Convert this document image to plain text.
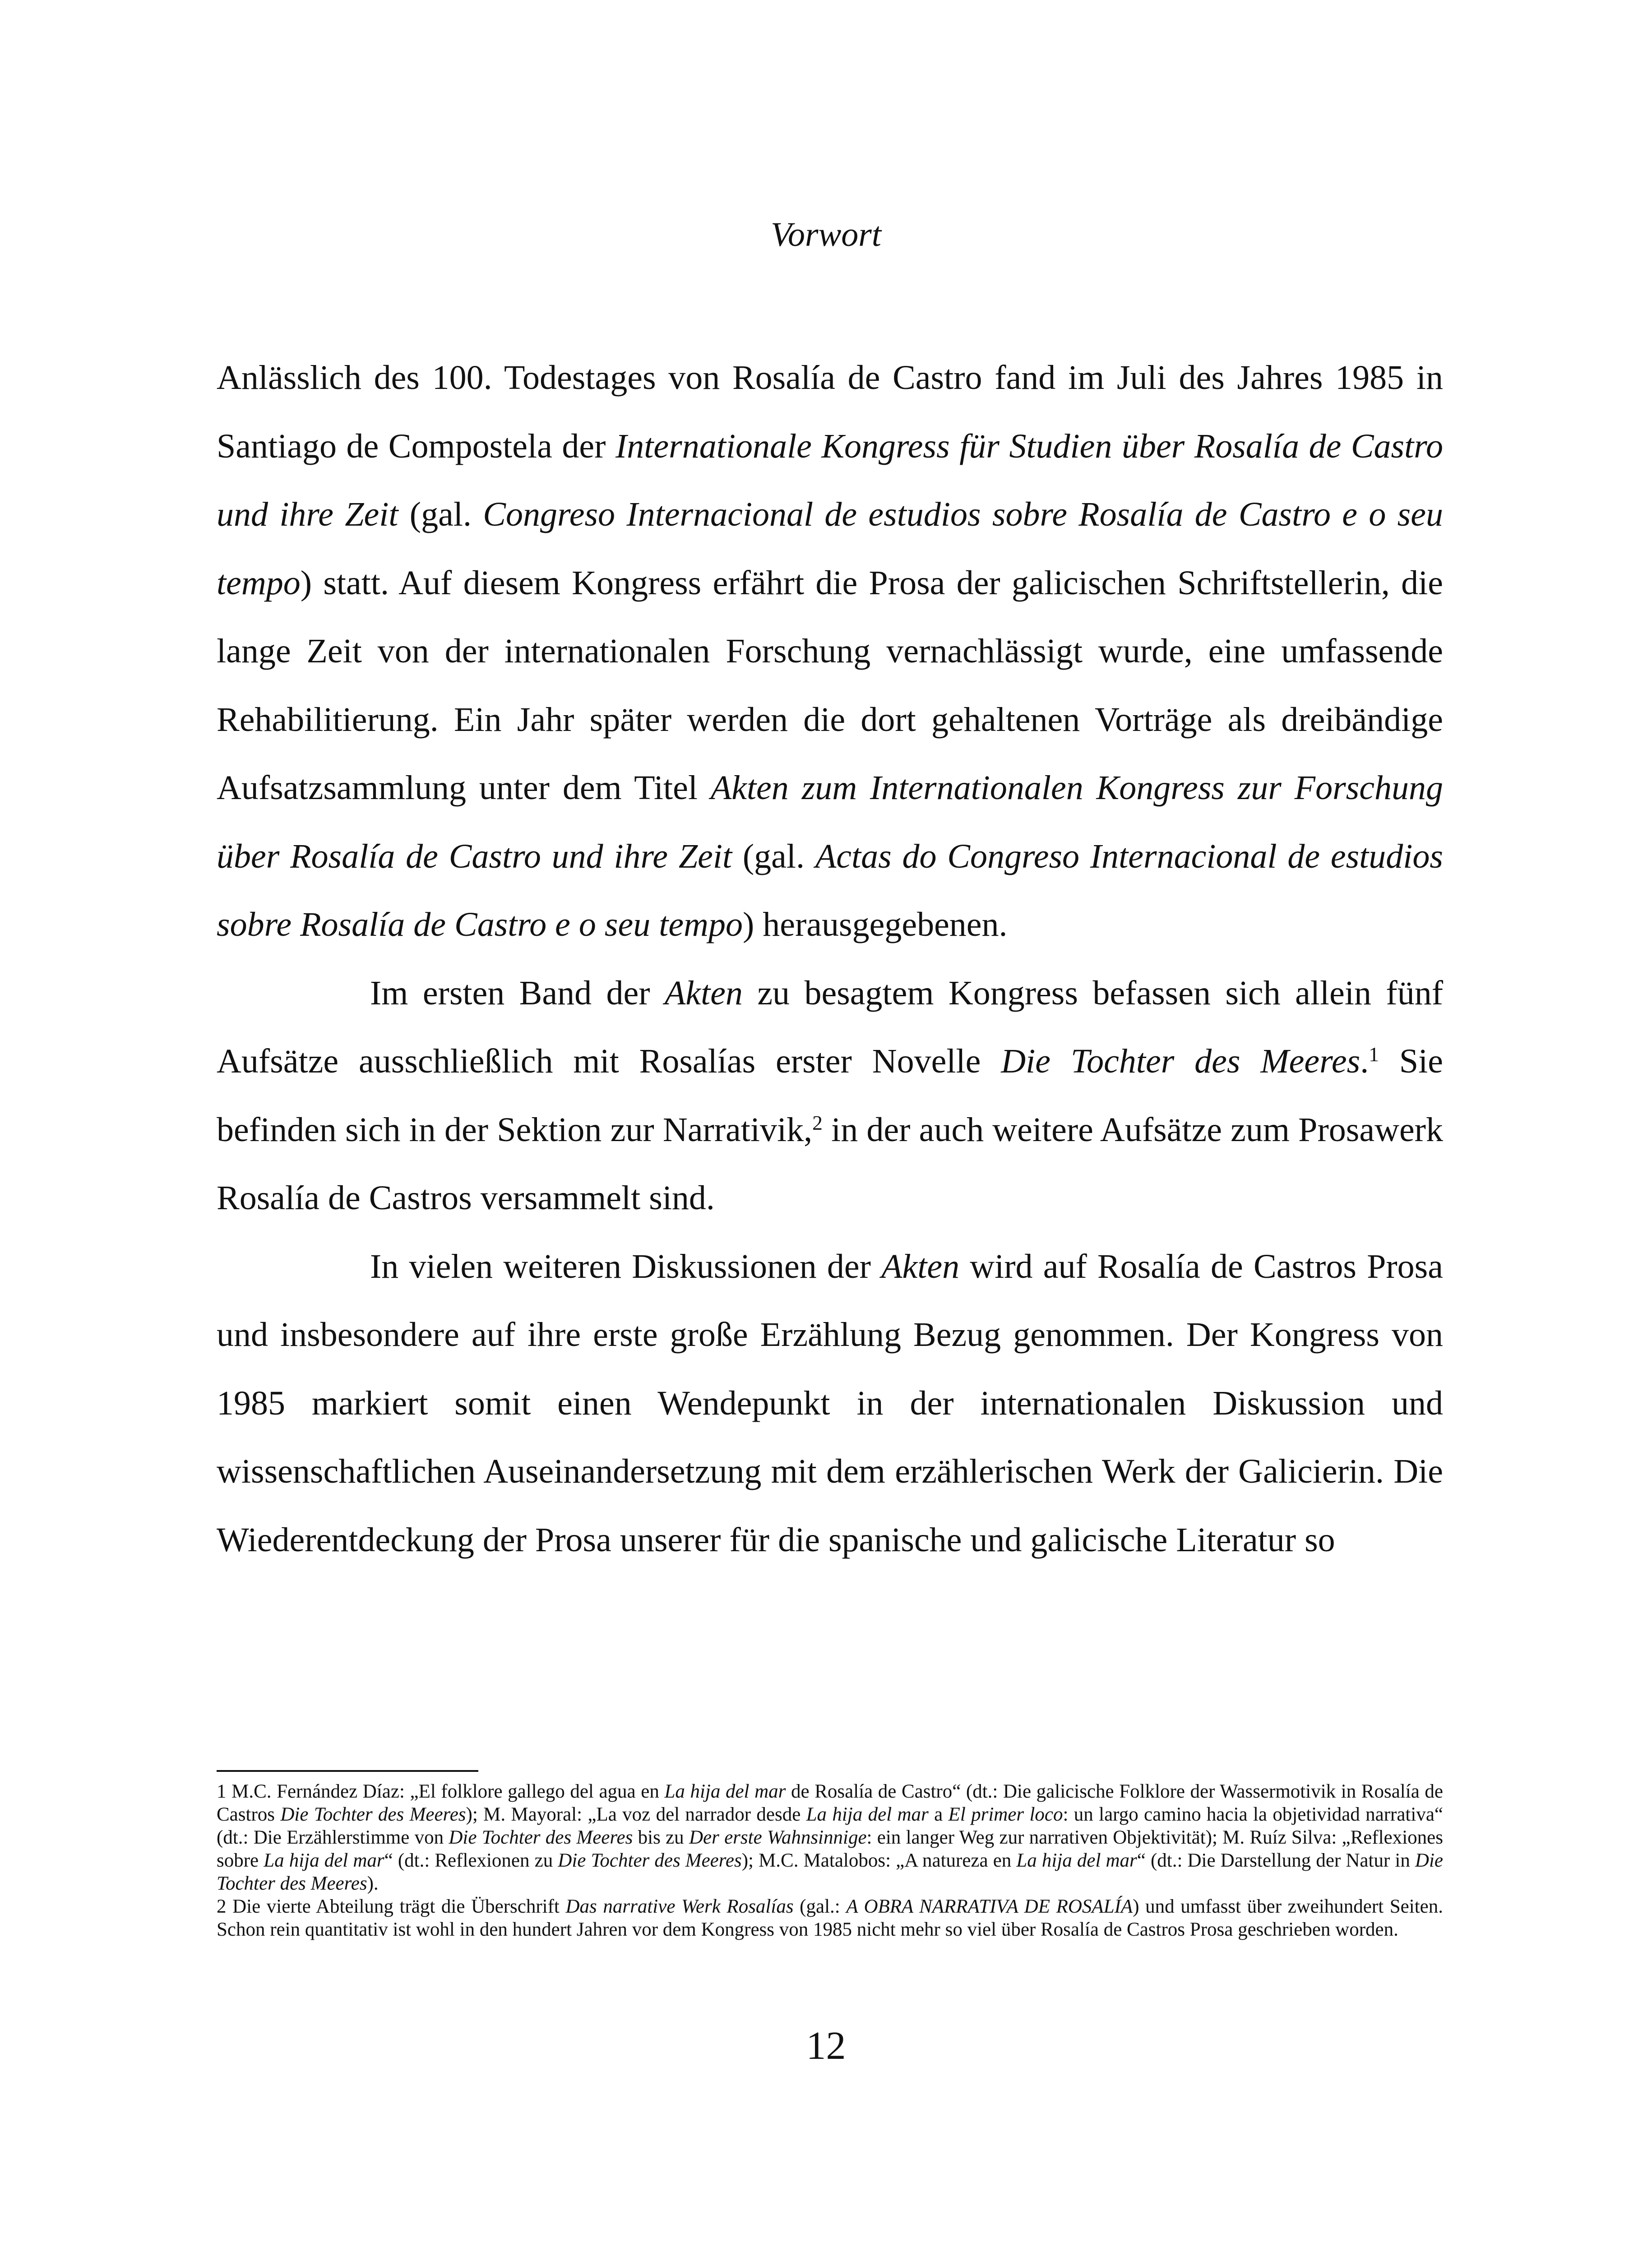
Vorwort

Anlässlich des 100. Todestages von Rosalía de Castro fand im Juli des Jahres 1985 in Santiago de Compostela der Internationale Kongress für Studien über Rosalía de Castro und ihre Zeit (gal. Congreso Internacional de estudios sobre Rosalía de Castro e o seu tempo) statt. Auf diesem Kongress erfährt die Prosa der galicischen Schriftstellerin, die lange Zeit von der internationalen Forschung vernachlässigt wurde, eine umfassende Rehabilitierung. Ein Jahr später werden die dort gehaltenen Vorträge als dreibändige Aufsatzsammlung unter dem Titel Akten zum Internationalen Kongress zur Forschung über Rosalía de Castro und ihre Zeit (gal. Actas do Congreso Internacional de estudios sobre Rosalía de Castro e o seu tempo) herausgegebenen.

Im ersten Band der Akten zu besagtem Kongress befassen sich allein fünf Aufsätze ausschließlich mit Rosalías erster Novelle Die Tochter des Meeres.$^1$ Sie befinden sich in der Sektion zur Narrativik,$^2$ in der auch weitere Aufsätze zum Prosawerk Rosalía de Castros versammelt sind.

In vielen weiteren Diskussionen der Akten wird auf Rosalía de Castros Prosa und insbesondere auf ihre erste große Erzählung Bezug genommen. Der Kongress von 1985 markiert somit einen Wendepunkt in der internationalen Diskussion und wissenschaftlichen Auseinandersetzung mit dem erzählerischen Werk der Galicierin. Die Wiederentdeckung der Prosa unserer für die spanische und galicische Literatur so

1 M.C. Fernández Díaz: „El folklore gallego del agua en La hija del mar de Rosalía de Castro“ (dt.: Die galicische Folklore der Wassermotivik in Rosalía de Castros Die Tochter des Meeres); M. Mayoral: „La voz del narrador desde La hija del mar a El primer loco: un largo camino hacia la objetividad narrativa“ (dt.: Die Erzählerstimme von Die Tochter des Meeres bis zu Der erste Wahnsinnige: ein langer Weg zur narrativen Objektivität); M. Ruíz Silva: „Reflexiones sobre La hija del mar“ (dt.: Reflexionen zu Die Tochter des Meeres); M.C. Matalobos: „A natureza en La hija del mar“ (dt.: Die Darstellung der Natur in Die Tochter des Meeres).

2 Die vierte Abteilung trägt die Überschrift Das narrative Werk Rosalías (gal.: A OBRA NARRATIVA DE ROSALÍA) und umfasst über zweihundert Seiten. Schon rein quantitativ ist wohl in den hundert Jahren vor dem Kongress von 1985 nicht mehr so viel über Rosalía de Castros Prosa geschrieben worden.

12
